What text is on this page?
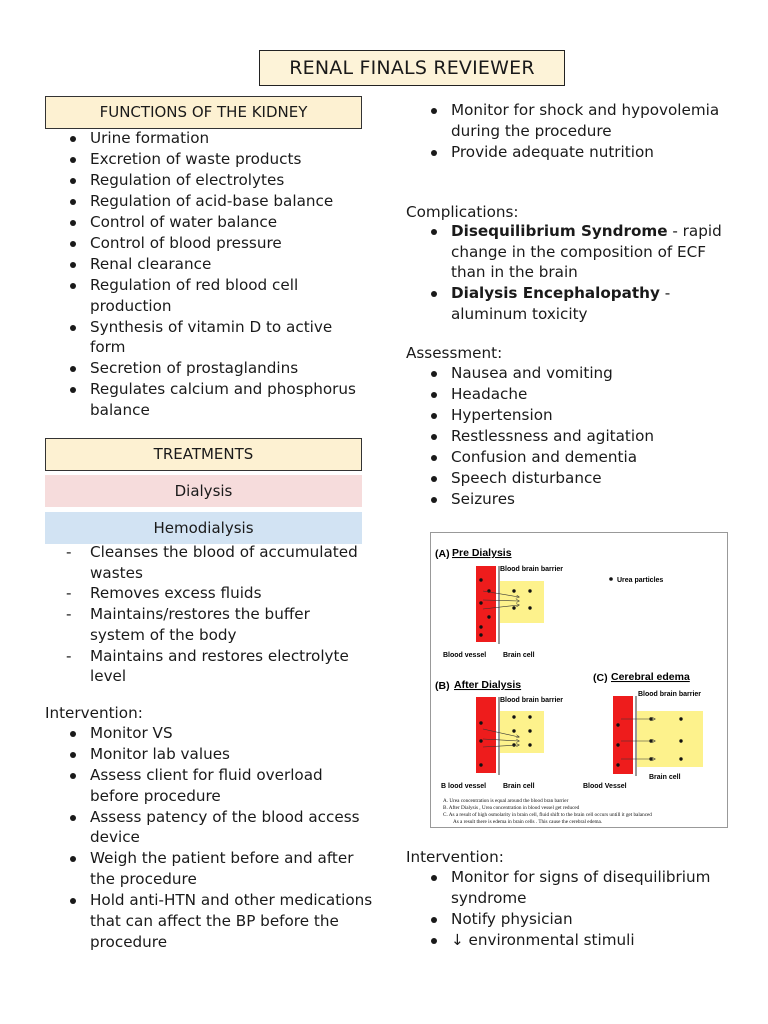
RENAL FINALS REVIEWER
FUNCTIONS OF THE KIDNEY
Urine formation
Excretion of waste products
Regulation of electrolytes
Regulation of acid-base balance
Control of water balance
Control of blood pressure
Renal clearance
Regulation of red blood cell production
Synthesis of vitamin D to active form
Secretion of prostaglandins
Regulates calcium and phosphorus balance
TREATMENTS
Dialysis
Hemodialysis
- Cleanses the blood of accumulated wastes
- Removes excess fluids
- Maintains/restores the buffer system of the body
- Maintains and restores electrolyte level
Intervention:
Monitor VS
Monitor lab values
Assess client for fluid overload before procedure
Assess patency of the blood access device
Weigh the patient before and after the procedure
Hold anti-HTN and other medications that can affect the BP before the procedure
Monitor for shock and hypovolemia during the procedure
Provide adequate nutrition
Complications:
Disequilibrium Syndrome - rapid change in the composition of ECF than in the brain
Dialysis Encephalopathy - aluminum toxicity
Assessment:
Nausea and vomiting
Headache
Hypertension
Restlessness and agitation
Confusion and dementia
Speech disturbance
Seizures
(A) Pre Dialysis
Blood brain barrier
Urea particles
Blood vessel Brain cell
(B) After Dialysis
Blood brain barrier
B lood vessel Brain cell
(C) Cerebral edema
Blood brain barrier
Brain cell
Blood Vessel
A. Urea concentration is equal around the blood bran barrier
B. After Dialysis , Urea concentration in blood vessel get reduced
C. As a result of high osmolarity in brain cell, fluid shift to the brain cell occurs untill it get balanced
As a result there is edema in brain cells . This cause the cerebral edema.
Intervention:
Monitor for signs of disequilibrium syndrome
Notify physician
↓ environmental stimuli
